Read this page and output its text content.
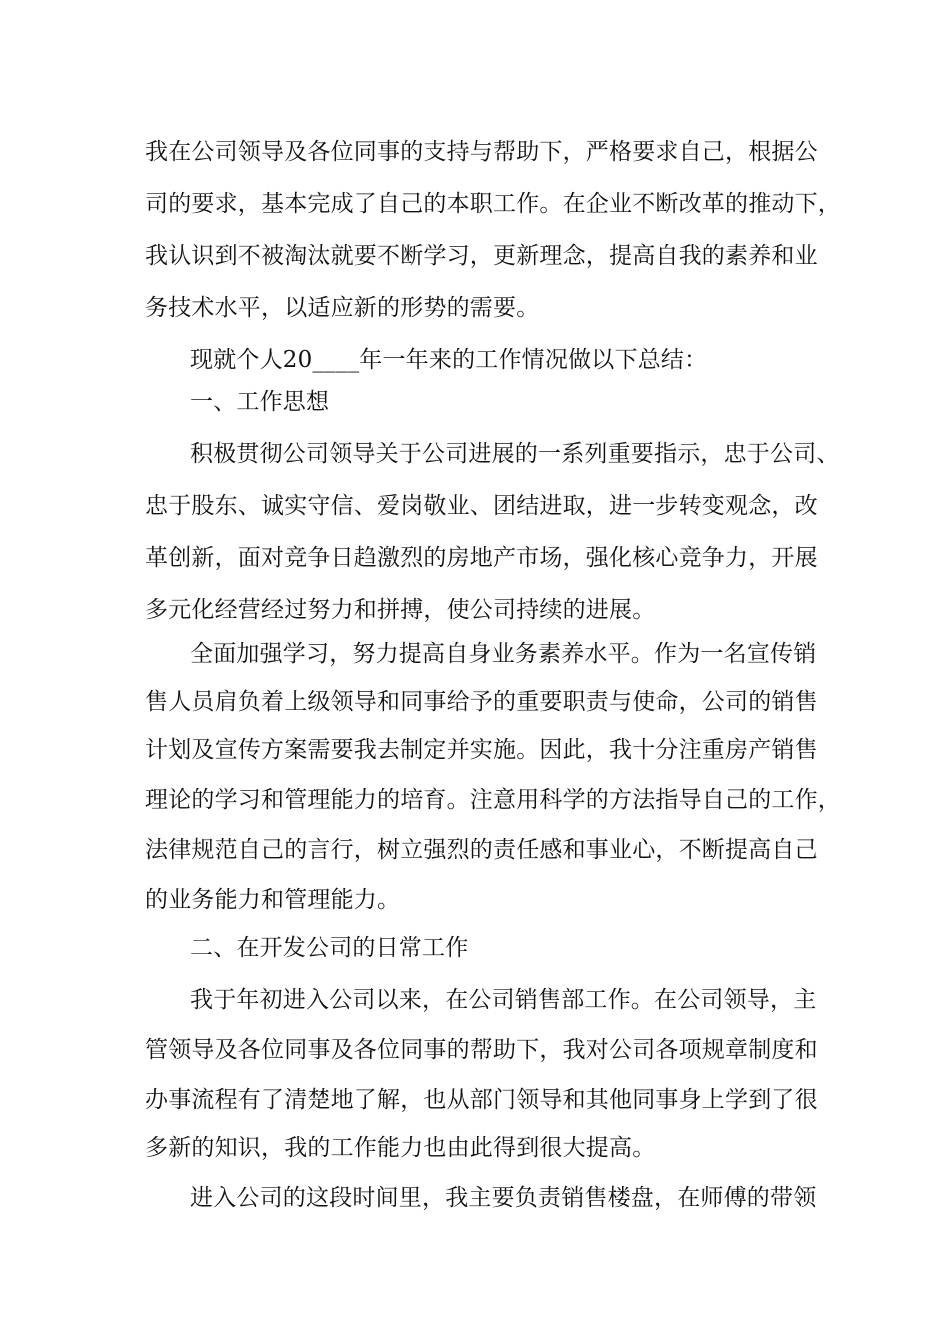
我在公司领导及各位同事的支持与帮助下，严格要求自己，根据公
司的要求，基本完成了自己的本职工作。在企业不断改革的推动下，
我认识到不被淘汰就要不断学习，更新理念，提高自我的素养和业
务技术水平，以适应新的形势的需要。
现就个人20____年一年来的工作情况做以下总结：
一、工作思想
积极贯彻公司领导关于公司进展的一系列重要指示，忠于公司、
忠于股东、诚实守信、爱岗敬业、团结进取，进一步转变观念，改
革创新，面对竞争日趋激烈的房地产市场，强化核心竞争力，开展
多元化经营经过努力和拼搏，使公司持续的进展。
全面加强学习，努力提高自身业务素养水平。作为一名宣传销
售人员肩负着上级领导和同事给予的重要职责与使命，公司的销售
计划及宣传方案需要我去制定并实施。因此，我十分注重房产销售
理论的学习和管理能力的培育。注意用科学的方法指导自己的工作，
法律规范自己的言行，树立强烈的责任感和事业心，不断提高自己
的业务能力和管理能力。
二、在开发公司的日常工作
我于年初进入公司以来，在公司销售部工作。在公司领导，主
管领导及各位同事及各位同事的帮助下，我对公司各项规章制度和
办事流程有了清楚地了解，也从部门领导和其他同事身上学到了很
多新的知识，我的工作能力也由此得到很大提高。
进入公司的这段时间里，我主要负责销售楼盘，在师傅的带领
